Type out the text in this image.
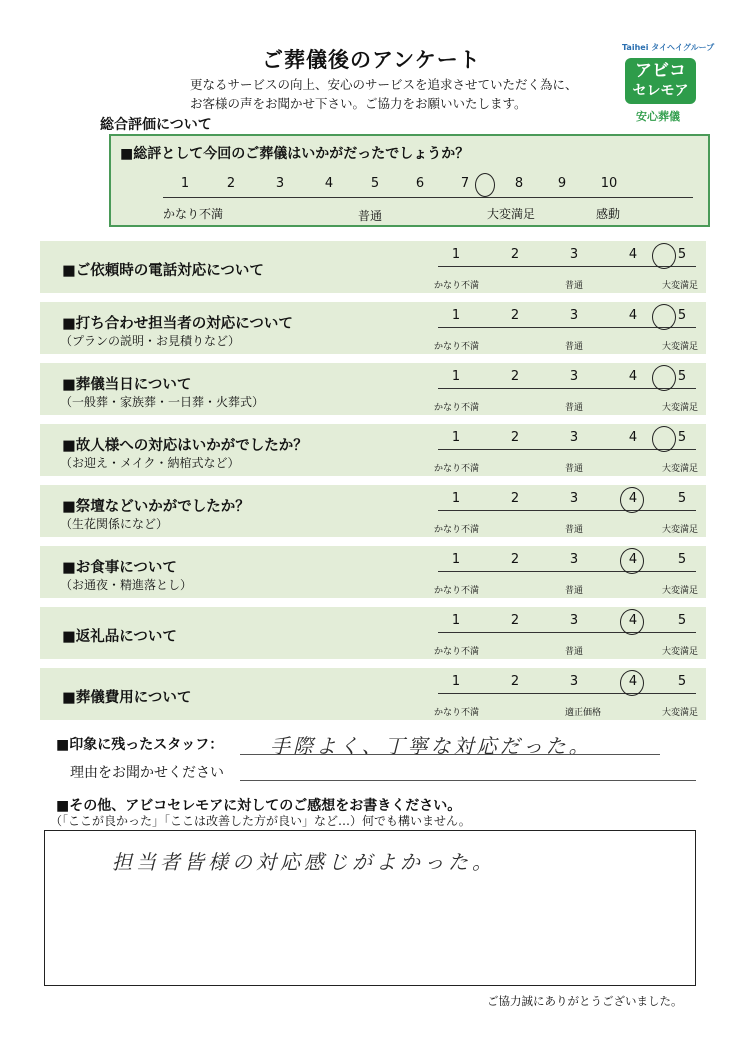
ご葬儀後のアンケート
更なるサービスの向上、安心のサービスを追求させていただく為に、
お客様の声をお聞かせ下さい。ご協力をお願いいたします。
Taihei タイヘイグループ
アビコ
セレモア
安心葬儀
総合評価について
■総評として今回のご葬儀はいかがだったでしょうか？
1	2	3	4	5	6	7	8	9	10
かなり不満	普通	大変満足	感動
■ご依頼時の電話対応について
1	2	3	4	5
かなり不満	普通	大変満足
■打ち合わせ担当者の対応について
（プランの説明・お見積りなど）
1	2	3	4	5
かなり不満	普通	大変満足
■葬儀当日について
（一般葬・家族葬・一日葬・火葬式）
1	2	3	4	5
かなり不満	普通	大変満足
■故人様への対応はいかがでしたか？
（お迎え・メイク・納棺式など）
1	2	3	4	5
かなり不満	普通	大変満足
■祭壇などいかがでしたか？
（生花関係になど）
1	2	3	4	5
かなり不満	普通	大変満足
■お食事について
（お通夜・精進落とし）
1	2	3	4	5
かなり不満	普通	大変満足
■返礼品について
1	2	3	4	5
かなり不満	普通	大変満足
■葬儀費用について
1	2	3	4	5
かなり不満	適正価格	大変満足
■印象に残ったスタッフ：
理由をお聞かせください
手際よく、丁寧な対応だった。
■その他、アビコセレモアに対してのご感想をお書きください。
（「ここが良かった」「ここは改善した方が良い」など…）何でも構いません。
担当者皆様の対応感じがよかった。
ご協力誠にありがとうございました。
